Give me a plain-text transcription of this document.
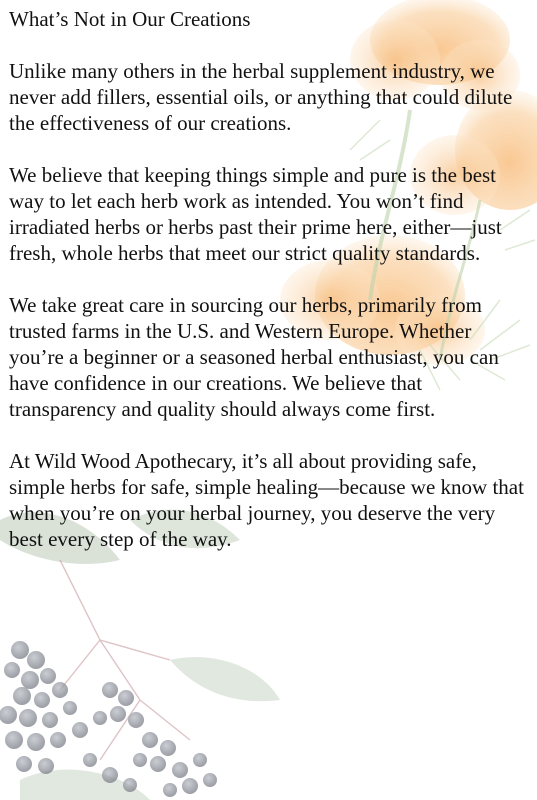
What’s Not in Our Creations

Unlike many others in the herbal supplement industry, we never add fillers, essential oils, or anything that could dilute the effectiveness of our creations.

We believe that keeping things simple and pure is the best way to let each herb work as intended. You won’t find irradiated herbs or herbs past their prime here, either—just fresh, whole herbs that meet our strict quality standards.

We take great care in sourcing our herbs, primarily from trusted farms in the U.S. and Western Europe. Whether you’re a beginner or a seasoned herbal enthusiast, you can have confidence in our creations. We believe that transparency and quality should always come first.

At Wild Wood Apothecary, it’s all about providing safe, simple herbs for safe, simple healing—because we know that when you’re on your herbal journey, you deserve the very best every step of the way.
